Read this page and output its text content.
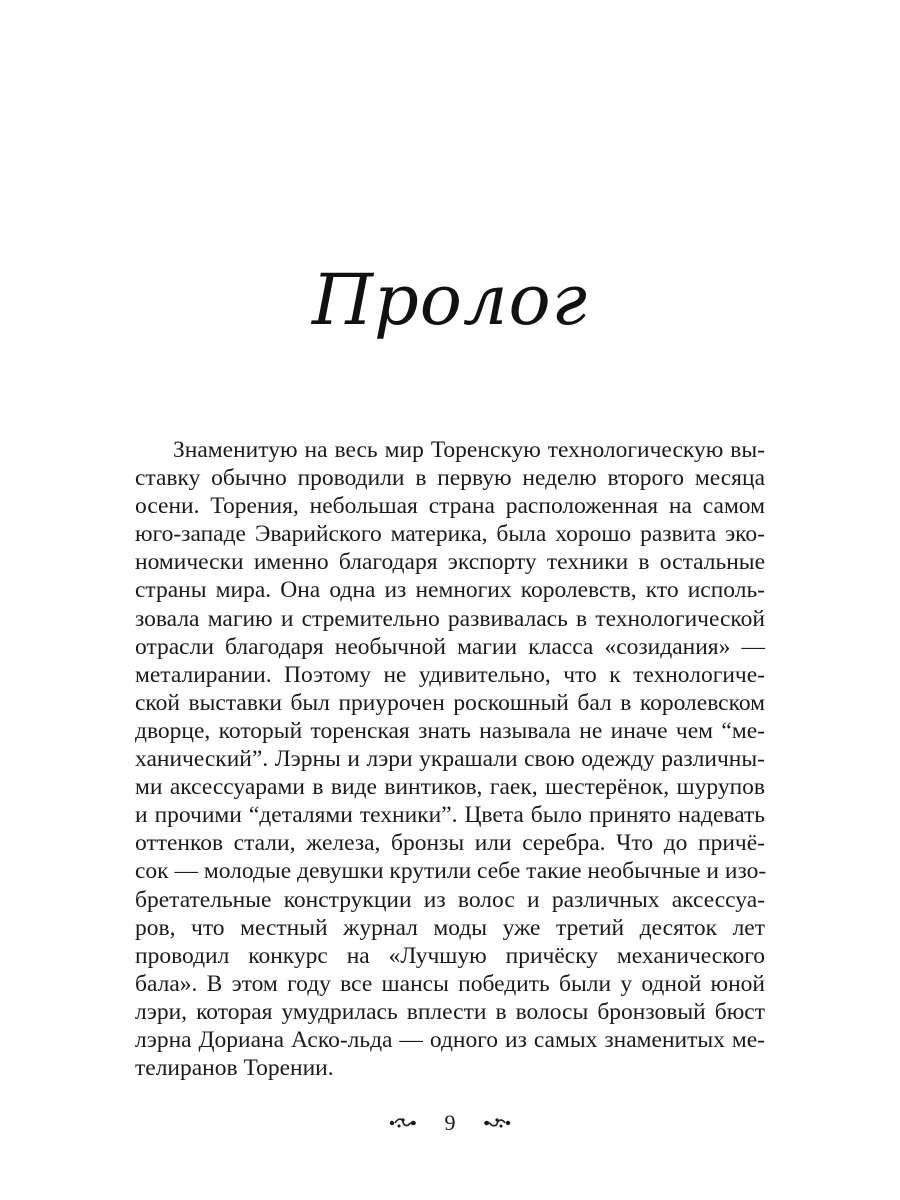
Пролог
Знаменитую на весь мир Торенскую технологическую вы-
ставку обычно проводили в первую неделю второго месяца
осени. Торения, небольшая страна расположенная на самом
юго-западе Эварийского материка, была хорошо развита эко-
номически именно благодаря экспорту техники в остальные
страны мира. Она одна из немногих королевств, кто исполь-
зовала магию и стремительно развивалась в технологической
отрасли благодаря необычной магии класса «созидания» —
металирании. Поэтому не удивительно, что к технологиче-
ской выставки был приурочен роскошный бал в королевском
дворце, который торенская знать называла не иначе чем “ме-
ханический”. Лэрны и лэри украшали свою одежду различны-
ми аксессуарами в виде винтиков, гаек, шестерёнок, шурупов
и прочими “деталями техники”. Цвета было принято надевать
оттенков стали, железа, бронзы или серебра. Что до причё-
сок — молодые девушки крутили себе такие необычные и изо-
бретательные конструкции из волос и различных аксессуа-
ров, что местный журнал моды уже третий десяток лет
проводил конкурс на «Лучшую причёску механического
бала». В этом году все шансы победить были у одной юной
лэри, которая умудрилась вплести в волосы бронзовый бюст
лэрна Дориана Аско-льда — одного из самых знаменитых ме-
телиранов Торении.
9
